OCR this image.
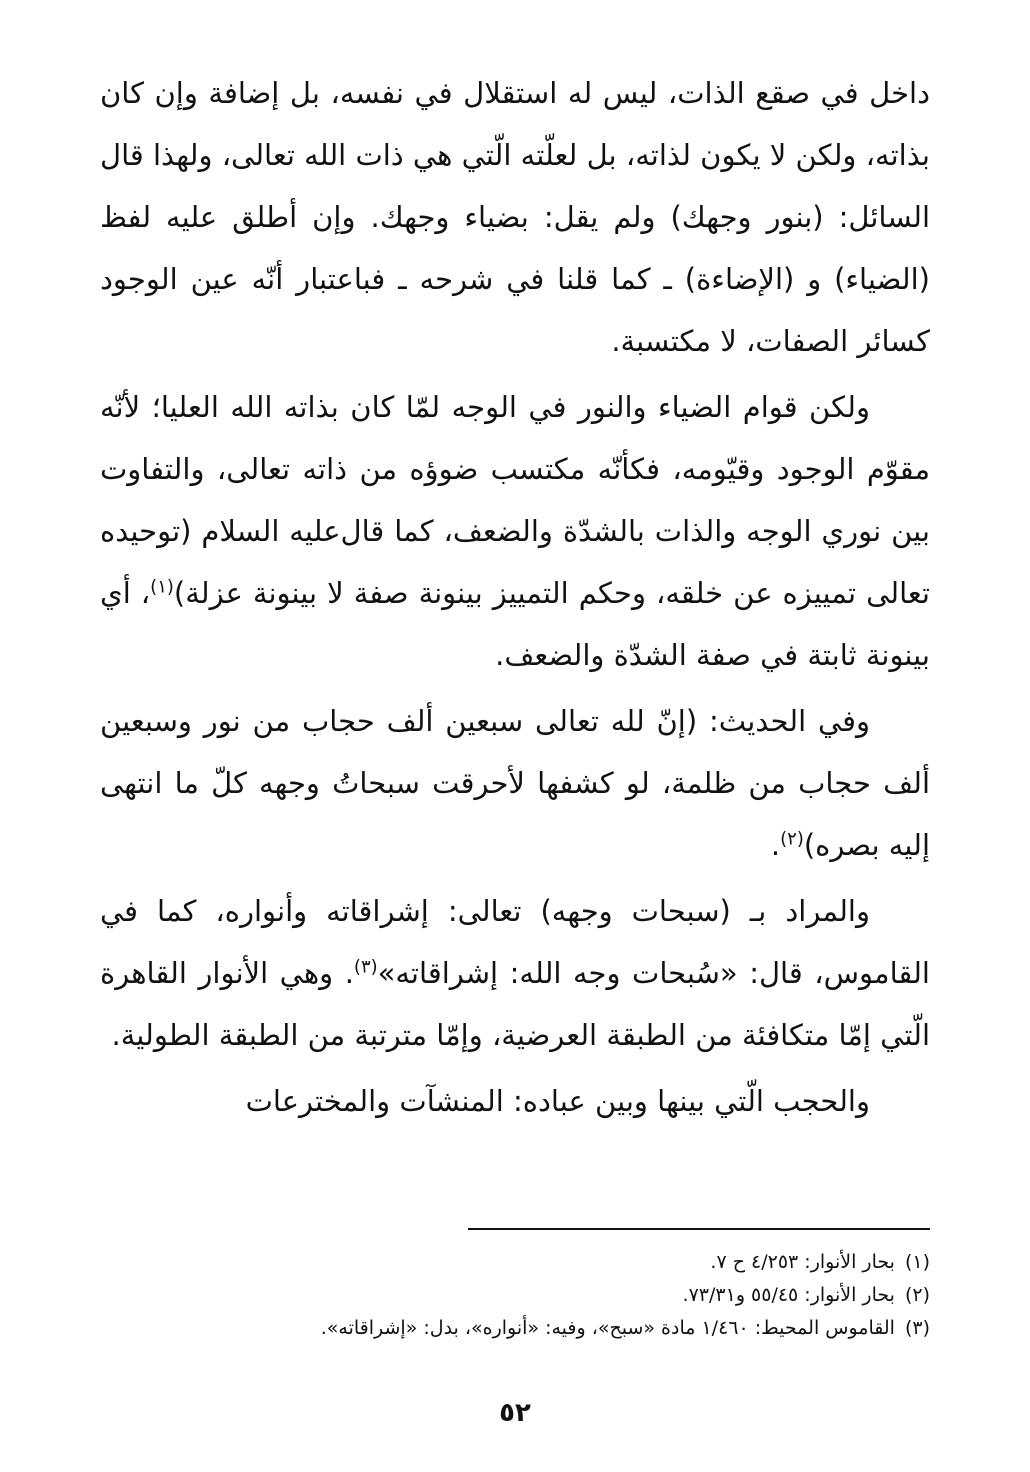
داخل في صقع الذات، ليس له استقلال في نفسه، بل إضافة وإن كان بذاته، ولكن لا يكون لذاته، بل لعلّته الّتي هي ذات الله تعالى، ولهذا قال السائل: (بنور وجهك) ولم يقل: بضياء وجهك. وإن أطلق عليه لفظ (الضياء) و (الإضاءة) ـ كما قلنا في شرحه ـ فباعتبار أنّه عين الوجود كسائر الصفات، لا مكتسبة.

ولكن قوام الضياء والنور في الوجه لمّا كان بذاته الله العليا؛ لأنّه مقوّم الوجود وقيّومه، فكأنّه مكتسب ضوؤه من ذاته تعالى، والتفاوت بين نوري الوجه والذات بالشدّة والضعف، كما قال‌عليه السلام (توحيده تعالى تمييزه عن خلقه، وحكم التمييز بينونة صفة لا بينونة عزلة)$^{(١)}$، أي بينونة ثابتة في صفة الشدّة والضعف.

وفي الحديث: (إنّ لله تعالى سبعين ألف حجاب من نور وسبعين ألف حجاب من ظلمة، لو كشفها لأحرقت سبحاتُ وجهه كلّ ما انتهى إليه بصره)$^{(٢)}$.

والمراد بـ (سبحات وجهه) تعالى: إشراقاته وأنواره، كما في القاموس، قال: «سُبحات وجه الله: إشراقاته»$^{(٣)}$. وهي الأنوار القاهرة الّتي إمّا متكافئة من الطبقة العرضية، وإمّا مترتبة من الطبقة الطولية.

والحجب الّتي بينها وبين عباده: المنشآت والمخترعات

(١)بحار الأنوار: ٤/٢٥٣ ح ٧.

(٢)بحار الأنوار: ٥٥/٤٥ و٧٣/٣١.

(٣)القاموس المحيط: ١/٤٦٠ مادة «سبح»، وفيه: «أنواره»، بدل: «إشراقاته».

٥٢
